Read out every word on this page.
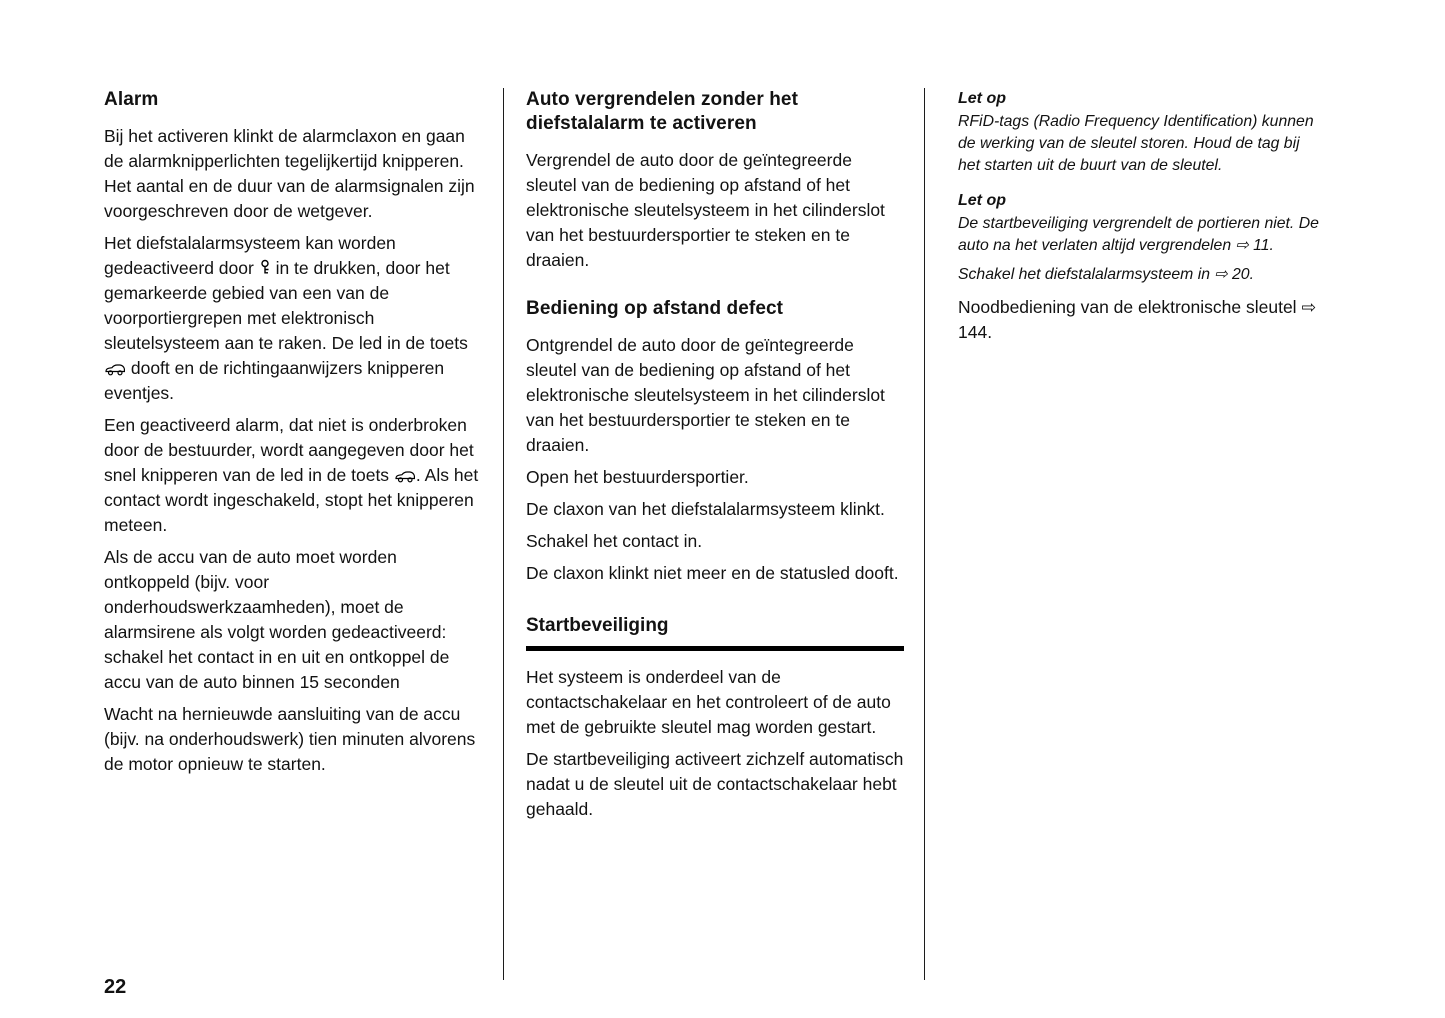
Alarm
Bij het activeren klinkt de alarmclaxon en gaan de alarmknipperlichten tegelijkertijd knipperen. Het aantal en de duur van de alarmsignalen zijn voorgeschreven door de wetgever.
Het diefstalalarmsysteem kan worden gedeactiveerd door  in te drukken, door het gemarkeerde gebied van een van de voorportiergrepen met elektronisch sleutelsysteem aan te raken. De led in de toets  dooft en de richtingaanwijzers knipperen eventjes.
Een geactiveerd alarm, dat niet is onderbroken door de bestuurder, wordt aangegeven door het snel knipperen van de led in de toets . Als het contact wordt ingeschakeld, stopt het knipperen meteen.
Als de accu van de auto moet worden ontkoppeld (bijv. voor onderhoudswerkzaamheden), moet de alarmsirene als volgt worden gedeactiveerd: schakel het contact in en uit en ontkoppel de accu van de auto binnen 15 seconden
Wacht na hernieuwde aansluiting van de accu (bijv. na onderhoudswerk) tien minuten alvorens de motor opnieuw te starten.
Auto vergrendelen zonder het diefstalalarm te activeren
Vergrendel de auto door de geïntegreerde sleutel van de bediening op afstand of het elektronische sleutelsysteem in het cilinderslot van het bestuurdersportier te steken en te draaien.
Bediening op afstand defect
Ontgrendel de auto door de geïntegreerde sleutel van de bediening op afstand of het elektronische sleutelsysteem in het cilinderslot van het bestuurdersportier te steken en te draaien.
Open het bestuurdersportier.
De claxon van het diefstalalarmsysteem klinkt.
Schakel het contact in.
De claxon klinkt niet meer en de statusled dooft.
Startbeveiliging
Het systeem is onderdeel van de contactschakelaar en het controleert of de auto met de gebruikte sleutel mag worden gestart.
De startbeveiliging activeert zichzelf automatisch nadat u de sleutel uit de contactschakelaar hebt gehaald.
Let op
RFiD-tags (Radio Frequency Identification) kunnen de werking van de sleutel storen. Houd de tag bij het starten uit de buurt van de sleutel.
Let op
De startbeveiliging vergrendelt de portieren niet. De auto na het verlaten altijd vergrendelen ⇨ 11.
Schakel het diefstalalarmsysteem in ⇨ 20.
Noodbediening van de elektronische sleutel ⇨ 144.
22
